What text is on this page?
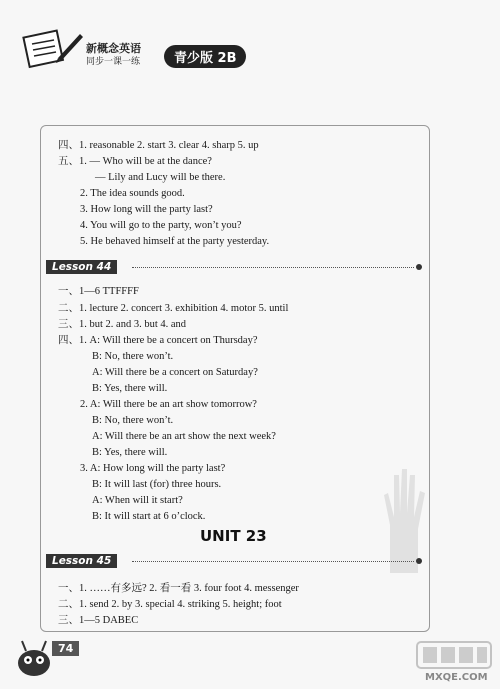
新概念英语
同步一课一练	青少版 2B
四、1. reasonable 2. start 3. clear 4. sharp 5. up
五、1. — Who will be at the dance?
— Lily and Lucy will be there.
2. The idea sounds good.
3. How long will the party last?
4. You will go to the party, won’t you?
5. He behaved himself at the party yesterday.
Lesson 44
一、1—6 TTFFFF
二、1. lecture 2. concert 3. exhibition 4. motor 5. until
三、1. but 2. and 3. but 4. and
四、1. A: Will there be a concert on Thursday?
B: No, there won’t.
A: Will there be a concert on Saturday?
B: Yes, there will.
2. A: Will there be an art show tomorrow?
B: No, there won’t.
A: Will there be an art show the next week?
B: Yes, there will.
3. A: How long will the party last?
B: It will last (for) three hours.
A: When will it start?
B: It will start at 6 o’clock.
UNIT 23
Lesson 45
一、1. ……有多远? 2. 看一看 3. four foot 4. messenger
二、1. send 2. by 3. special 4. striking 5. height; foot
三、1—5 DABEC
74
MXQE.COM
